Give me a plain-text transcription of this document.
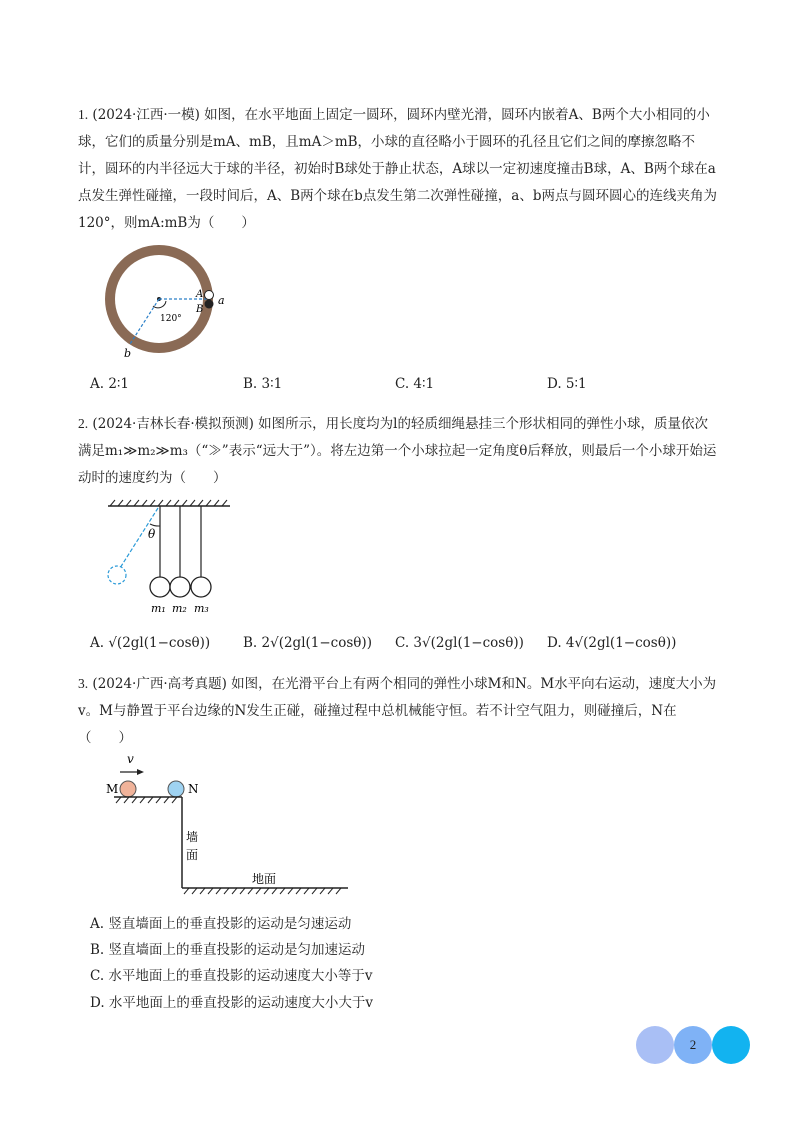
1. (2024·江西·一模) 如图，在水平地面上固定一圆环，圆环内壁光滑，圆环内嵌着A、B两个大小相同的小球，它们的质量分别是mA、mB，且mA＞mB，小球的直径略小于圆环的孔径且它们之间的摩擦忽略不计，圆环的内半径远大于球的半径，初始时B球处于静止状态，A球以一定初速度撞击B球，A、B两个球在a点发生弹性碰撞，一段时间后，A、B两个球在b点发生第二次弹性碰撞，a、b两点与圆环圆心的连线夹角为120°，则mA:mB为（　　）
A
B
a
b
120°
A. 2∶1	B. 3∶1	C. 4∶1	D. 5∶1
2. (2024·吉林长春·模拟预测) 如图所示，用长度均为l的轻质细绳悬挂三个形状相同的弹性小球，质量依次满足m₁≫m₂≫m₃（“≫”表示“远大于”）。将左边第一个小球拉起一定角度θ后释放，则最后一个小球开始运动时的速度约为（　　）
θ
m₁ m₂ m₃
A. √(2gl(1−cosθ)) B. 2√(2gl(1−cosθ)) C. 3√(2gl(1−cosθ)) D. 4√(2gl(1−cosθ))
3. (2024·广西·高考真题) 如图，在光滑平台上有两个相同的弹性小球M和N。M水平向右运动，速度大小为v。M与静置于平台边缘的N发生正碰，碰撞过程中总机械能守恒。若不计空气阻力，则碰撞后，N在（　　）
v
M	N
墙
面
地面
A. 竖直墙面上的垂直投影的运动是匀速运动
B. 竖直墙面上的垂直投影的运动是匀加速运动
C. 水平地面上的垂直投影的运动速度大小等于v
D. 水平地面上的垂直投影的运动速度大小大于v
2
